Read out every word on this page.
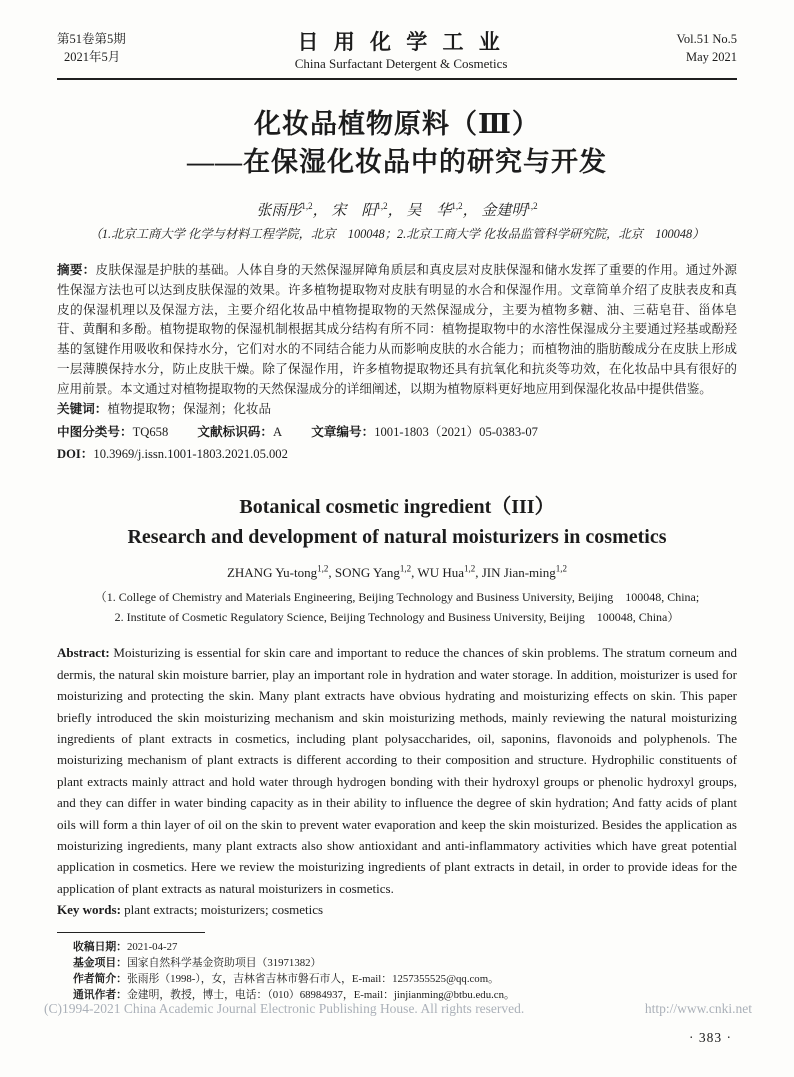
第51卷第5期
2021年5月
日 用 化 学 工 业
China Surfactant Detergent & Cosmetics
Vol.51 No.5
May 2021
化妆品植物原料（Ⅲ）
——在保湿化妆品中的研究与开发
张雨彤$^{1,2}$， 宋　阳$^{1,2}$， 吴　华$^{1,2}$， 金建明$^{1,2}$
（1.北京工商大学 化学与材料工程学院，北京　100048；2.北京工商大学 化妆品监管科学研究院，北京　100048）

摘要：皮肤保湿是护肤的基础。人体自身的天然保湿屏障角质层和真皮层对皮肤保湿和储水发挥了重要的作用。通过外源性保湿方法也可以达到皮肤保湿的效果。许多植物提取物对皮肤有明显的水合和保湿作用。文章简单介绍了皮肤表皮和真皮的保湿机理以及保湿方法，主要介绍化妆品中植物提取物的天然保湿成分，主要为植物多糖、油、三萜皂苷、甾体皂苷、黄酮和多酚。植物提取物的保湿机制根据其成分结构有所不同：植物提取物中的水溶性保湿成分主要通过羟基或酚羟基的氢键作用吸收和保持水分，它们对水的不同结合能力从而影响皮肤的水合能力；而植物油的脂肪酸成分在皮肤上形成一层薄膜保持水分，防止皮肤干燥。除了保湿作用，许多植物提取物还具有抗氧化和抗炎等功效，在化妆品中具有很好的应用前景。本文通过对植物提取物的天然保湿成分的详细阐述，以期为植物原料更好地应用到保湿化妆品中提供借鉴。

关键词：植物提取物；保湿剂；化妆品

中图分类号：TQ658 文献标识码：A 文章编号：1001-1803（2021）05-0383-07
DOI：10.3969/j.issn.1001-1803.2021.05.002
Botanical cosmetic ingredient（III）
Research and development of natural moisturizers in cosmetics
ZHANG Yu-tong$^{1,2}$, SONG Yang$^{1,2}$, WU Hua$^{1,2}$, JIN Jian-ming$^{1,2}$
（1. College of Chemistry and Materials Engineering, Beijing Technology and Business University, Beijing　100048, China;
2. Institute of Cosmetic Regulatory Science, Beijing Technology and Business University, Beijing　100048, China）

Abstract: Moisturizing is essential for skin care and important to reduce the chances of skin problems. The stratum corneum and dermis, the natural skin moisture barrier, play an important role in hydration and water storage. In addition, moisturizer is used for moisturizing and protecting the skin. Many plant extracts have obvious hydrating and moisturizing effects on skin. This paper briefly introduced the skin moisturizing mechanism and skin moisturizing methods, mainly reviewing the natural moisturizing ingredients of plant extracts in cosmetics, including plant polysaccharides, oil, saponins, flavonoids and polyphenols. The moisturizing mechanism of plant extracts is different according to their composition and structure. Hydrophilic constituents of plant extracts mainly attract and hold water through hydrogen bonding with their hydroxyl groups or phenolic hydroxyl groups, and they can differ in water binding capacity as in their ability to influence the degree of skin hydration; And fatty acids of plant oils will form a thin layer of oil on the skin to prevent water evaporation and keep the skin moisturized. Besides the application as moisturizing ingredients, many plant extracts also show antioxidant and anti-inflammatory activities which have great potential application in cosmetics. Here we review the moisturizing ingredients of plant extracts in detail, in order to provide ideas for the application of plant extracts as natural moisturizers in cosmetics.

Key words: plant extracts; moisturizers; cosmetics

收稿日期：2021-04-27
基金项目：国家自然科学基金资助项目（31971382）
作者简介：张雨彤（1998-），女，吉林省吉林市磐石市人，E-mail：1257355525@qq.com。
通讯作者：金建明，教授，博士，电话：（010）68984937，E-mail：jinjianming@btbu.edu.cn。
(C)1994-2021 China Academic Journal Electronic Publishing House. All rights reserved.	http://www.cnki.net
· 383 ·
